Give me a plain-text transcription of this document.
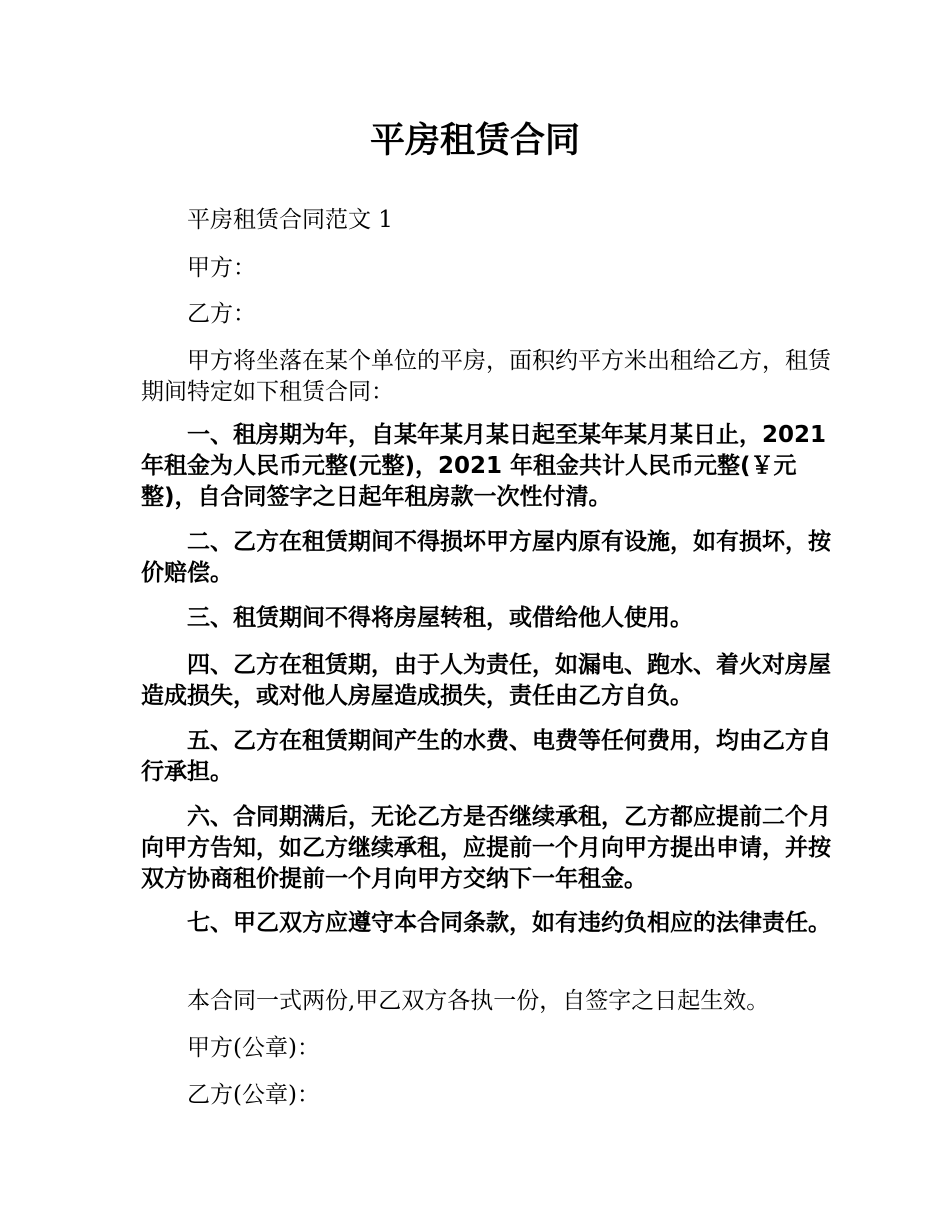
平房租赁合同

平房租赁合同范文 1

甲方：

乙方：

甲方将坐落在某个单位的平房，面积约平方米出租给乙方，租赁期间特定如下租赁合同：

一、租房期为年，自某年某月某日起至某年某月某日止，2021 年租金为人民币元整(元整)，2021 年租金共计人民币元整(￥元整)，自合同签字之日起年租房款一次性付清。

二、乙方在租赁期间不得损坏甲方屋内原有设施，如有损坏，按价赔偿。

三、租赁期间不得将房屋转租，或借给他人使用。

四、乙方在租赁期，由于人为责任，如漏电、跑水、着火对房屋造成损失，或对他人房屋造成损失，责任由乙方自负。

五、乙方在租赁期间产生的水费、电费等任何费用，均由乙方自行承担。

六、合同期满后，无论乙方是否继续承租，乙方都应提前二个月向甲方告知，如乙方继续承租，应提前一个月向甲方提出申请，并按双方协商租价提前一个月向甲方交纳下一年租金。

七、甲乙双方应遵守本合同条款，如有违约负相应的法律责任。

本合同一式两份,甲乙双方各执一份，自签字之日起生效。

甲方(公章)：

乙方(公章)：
